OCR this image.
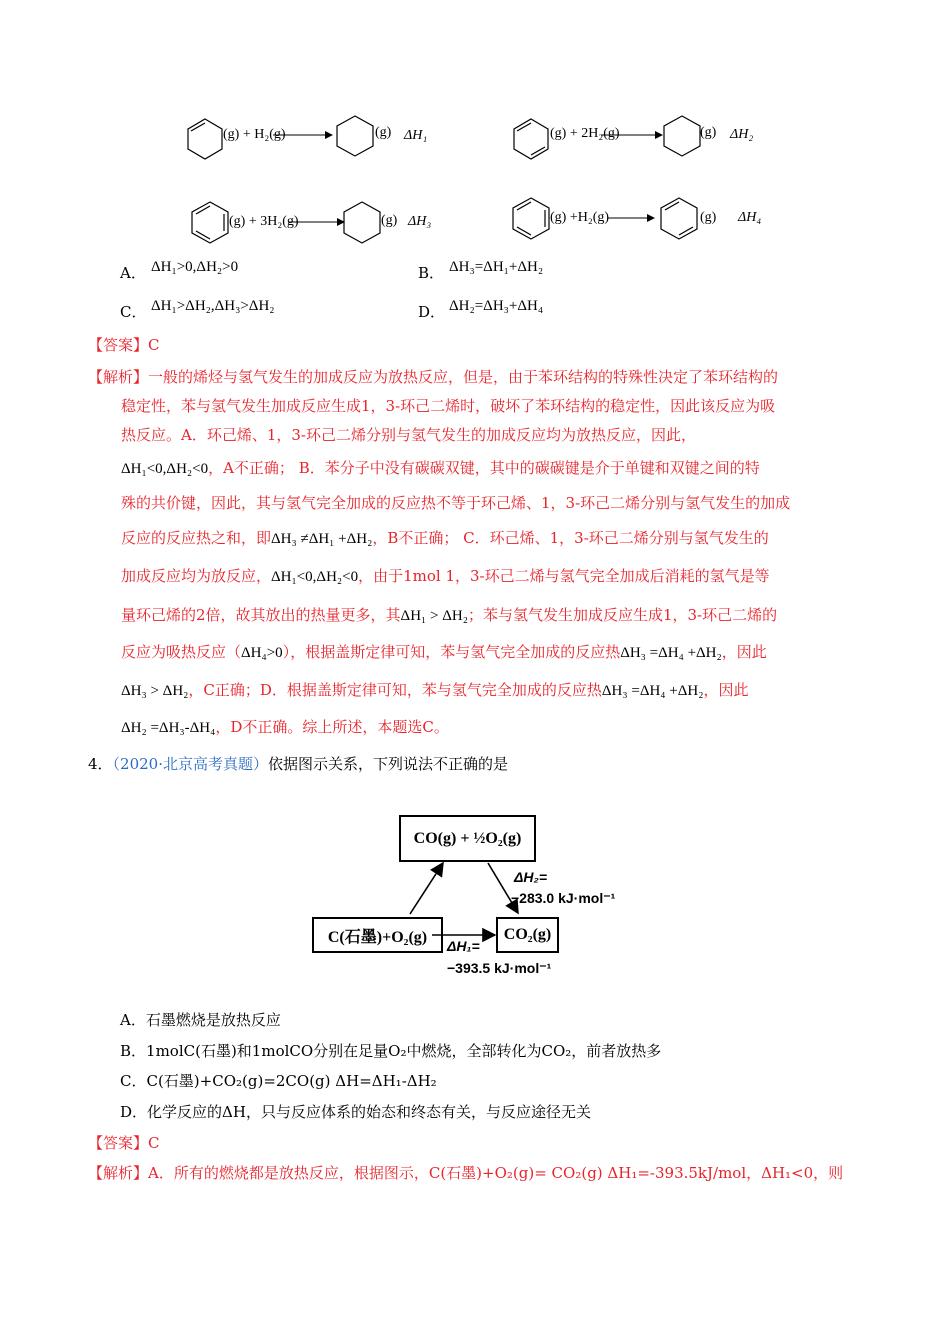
(g) + H₂(g)	(g) ΔH₁	(g) + 2H₂(g)	(g) ΔH₂
(g) + 3H₂(g)	(g) ΔH₃	(g) +H₂(g)	(g) ΔH₄
A． ΔH₁>0,ΔH₂>0	B． ΔH₃=ΔH₁+ΔH₂
C． ΔH₁>ΔH₂,ΔH₃>ΔH₂	D． ΔH₂=ΔH₃+ΔH₄
【答案】C
【解析】一般的烯烃与氢气发生的加成反应为放热反应，但是，由于苯环结构的特殊性决定了苯环结构的
稳定性，苯与氢气发生加成反应生成1，3-环己二烯时，破坏了苯环结构的稳定性，因此该反应为吸
热反应。A．环己烯、1，3-环己二烯分别与氢气发生的加成反应均为放热反应，因此，
ΔH₁<0,ΔH₂<0，A不正确； B．苯分子中没有碳碳双键，其中的碳碳键是介于单键和双键之间的特
殊的共价键，因此，其与氢气完全加成的反应热不等于环己烯、1，3-环己二烯分别与氢气发生的加成
反应的反应热之和，即ΔH₃ ≠ΔH₁ +ΔH₂，B不正确； C．环己烯、1，3-环己二烯分别与氢气发生的
加成反应均为放反应，ΔH₁<0,ΔH₂<0，由于1mol 1，3-环己二烯与氢气完全加成后消耗的氢气是等
量环己烯的2倍，故其放出的热量更多，其ΔH₁ > ΔH₂；苯与氢气发生加成反应生成1，3-环己二烯的
反应为吸热反应（ΔH₄>0），根据盖斯定律可知，苯与氢气完全加成的反应热ΔH₃ =ΔH₄ +ΔH₂，因此
ΔH₃ > ΔH₂，C正确；D．根据盖斯定律可知，苯与氢气完全加成的反应热ΔH₃ =ΔH₄ +ΔH₂，因此
ΔH₂ =ΔH₃-ΔH₄，D不正确。综上所述，本题选C。
4．（2020·北京高考真题）依据图示关系，下列说法不正确的是
CO(g) + ½O₂(g)
C(石墨)+O₂(g)	CO₂(g)
ΔH₂=
−283.0 kJ·mol⁻¹
ΔH₁=
−393.5 kJ·mol⁻¹
A．石墨燃烧是放热反应
B．1molC(石墨)和1molCO分别在足量O₂中燃烧，全部转化为CO₂，前者放热多
C．C(石墨)+CO₂(g)=2CO(g) ΔH=ΔH₁-ΔH₂
D．化学反应的ΔH，只与反应体系的始态和终态有关，与反应途径无关
【答案】C
【解析】A．所有的燃烧都是放热反应，根据图示，C(石墨)+O₂(g)= CO₂(g) ΔH₁=-393.5kJ/mol，ΔH₁<0，则
